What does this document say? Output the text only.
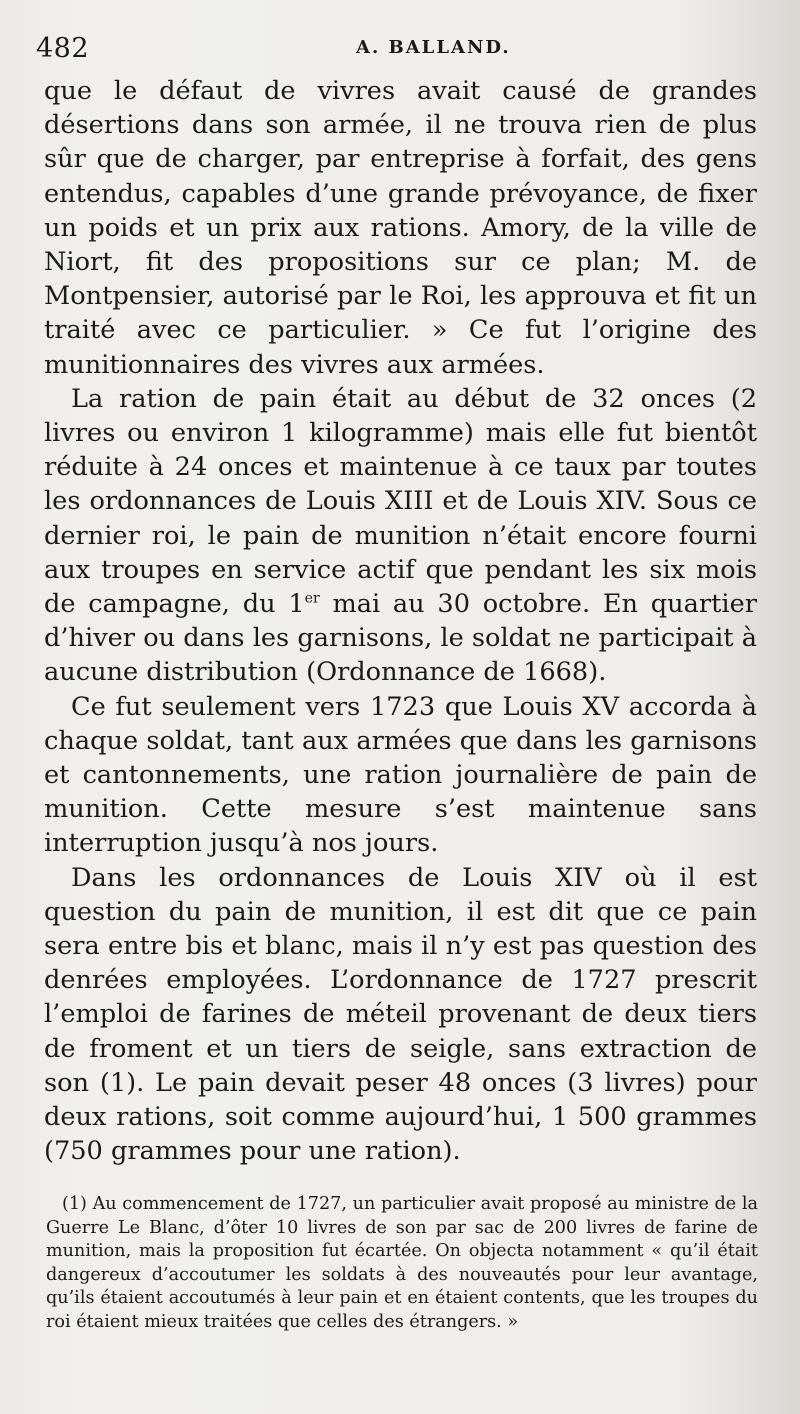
482	A. BALLAND.

que le défaut de vivres avait causé de grandes désertions dans son armée, il ne trouva rien de plus sûr que de charger, par entreprise à forfait, des gens entendus, capables d’une grande prévoyance, de fixer un poids et un prix aux rations. Amory, de la ville de Niort, fit des propositions sur ce plan; M. de Montpensier, autorisé par le Roi, les approuva et fit un traité avec ce particulier. » Ce fut l’origine des munitionnaires des vivres aux armées.

La ration de pain était au début de 32 onces (2 livres ou environ 1 kilogramme) mais elle fut bientôt réduite à 24 onces et maintenue à ce taux par toutes les ordonnances de Louis XIII et de Louis XIV. Sous ce dernier roi, le pain de munition n’était encore fourni aux troupes en service actif que pendant les six mois de campagne, du 1er mai au 30 octobre. En quartier d’hiver ou dans les garnisons, le soldat ne participait à aucune distribution (Ordonnance de 1668).

Ce fut seulement vers 1723 que Louis XV accorda à chaque soldat, tant aux armées que dans les garnisons et cantonnements, une ration journalière de pain de munition. Cette mesure s’est maintenue sans interruption jusqu’à nos jours.

Dans les ordonnances de Louis XIV où il est question du pain de munition, il est dit que ce pain sera entre bis et blanc, mais il n’y est pas question des denrées employées. L’ordonnance de 1727 prescrit l’emploi de farines de méteil provenant de deux tiers de froment et un tiers de seigle, sans extraction de son (1). Le pain devait peser 48 onces (3 livres) pour deux rations, soit comme aujourd’hui, 1 500 grammes (750 grammes pour une ration).

(1) Au commencement de 1727, un particulier avait proposé au ministre de la Guerre Le Blanc, d’ôter 10 livres de son par sac de 200 livres de farine de munition, mais la proposition fut écartée. On objecta notamment « qu’il était dangereux d’accoutumer les soldats à des nouveautés pour leur avantage, qu’ils étaient accoutumés à leur pain et en étaient contents, que les troupes du roi étaient mieux traitées que celles des étrangers. »
